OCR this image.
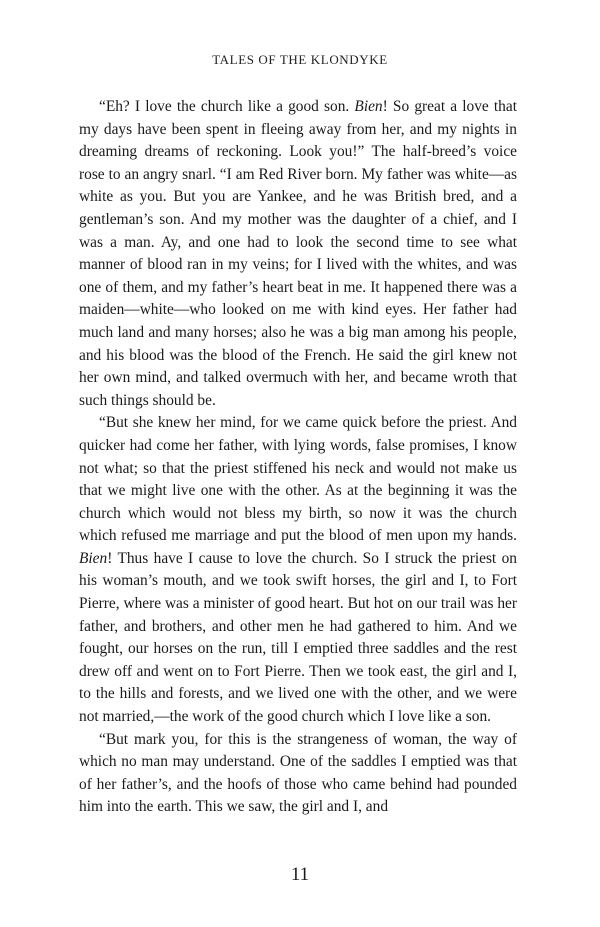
TALES OF THE KLONDYKE

“Eh? I love the church like a good son. Bien! So great a love that my days have been spent in fleeing away from her, and my nights in dreaming dreams of reckoning. Look you!” The half-breed’s voice rose to an angry snarl. “I am Red River born. My father was white—as white as you. But you are Yankee, and he was British bred, and a gentleman’s son. And my mother was the daughter of a chief, and I was a man. Ay, and one had to look the second time to see what manner of blood ran in my veins; for I lived with the whites, and was one of them, and my father’s heart beat in me. It happened there was a maiden—white—who looked on me with kind eyes. Her father had much land and many horses; also he was a big man among his people, and his blood was the blood of the French. He said the girl knew not her own mind, and talked overmuch with her, and became wroth that such things should be.

“But she knew her mind, for we came quick before the priest. And quicker had come her father, with lying words, false promises, I know not what; so that the priest stiffened his neck and would not make us that we might live one with the other. As at the beginning it was the church which would not bless my birth, so now it was the church which refused me marriage and put the blood of men upon my hands. Bien! Thus have I cause to love the church. So I struck the priest on his woman’s mouth, and we took swift horses, the girl and I, to Fort Pierre, where was a minister of good heart. But hot on our trail was her father, and brothers, and other men he had gathered to him. And we fought, our horses on the run, till I emptied three saddles and the rest drew off and went on to Fort Pierre. Then we took east, the girl and I, to the hills and forests, and we lived one with the other, and we were not married,—the work of the good church which I love like a son.

“But mark you, for this is the strangeness of woman, the way of which no man may understand. One of the saddles I emptied was that of her father’s, and the hoofs of those who came behind had pounded him into the earth. This we saw, the girl and I, and

11
